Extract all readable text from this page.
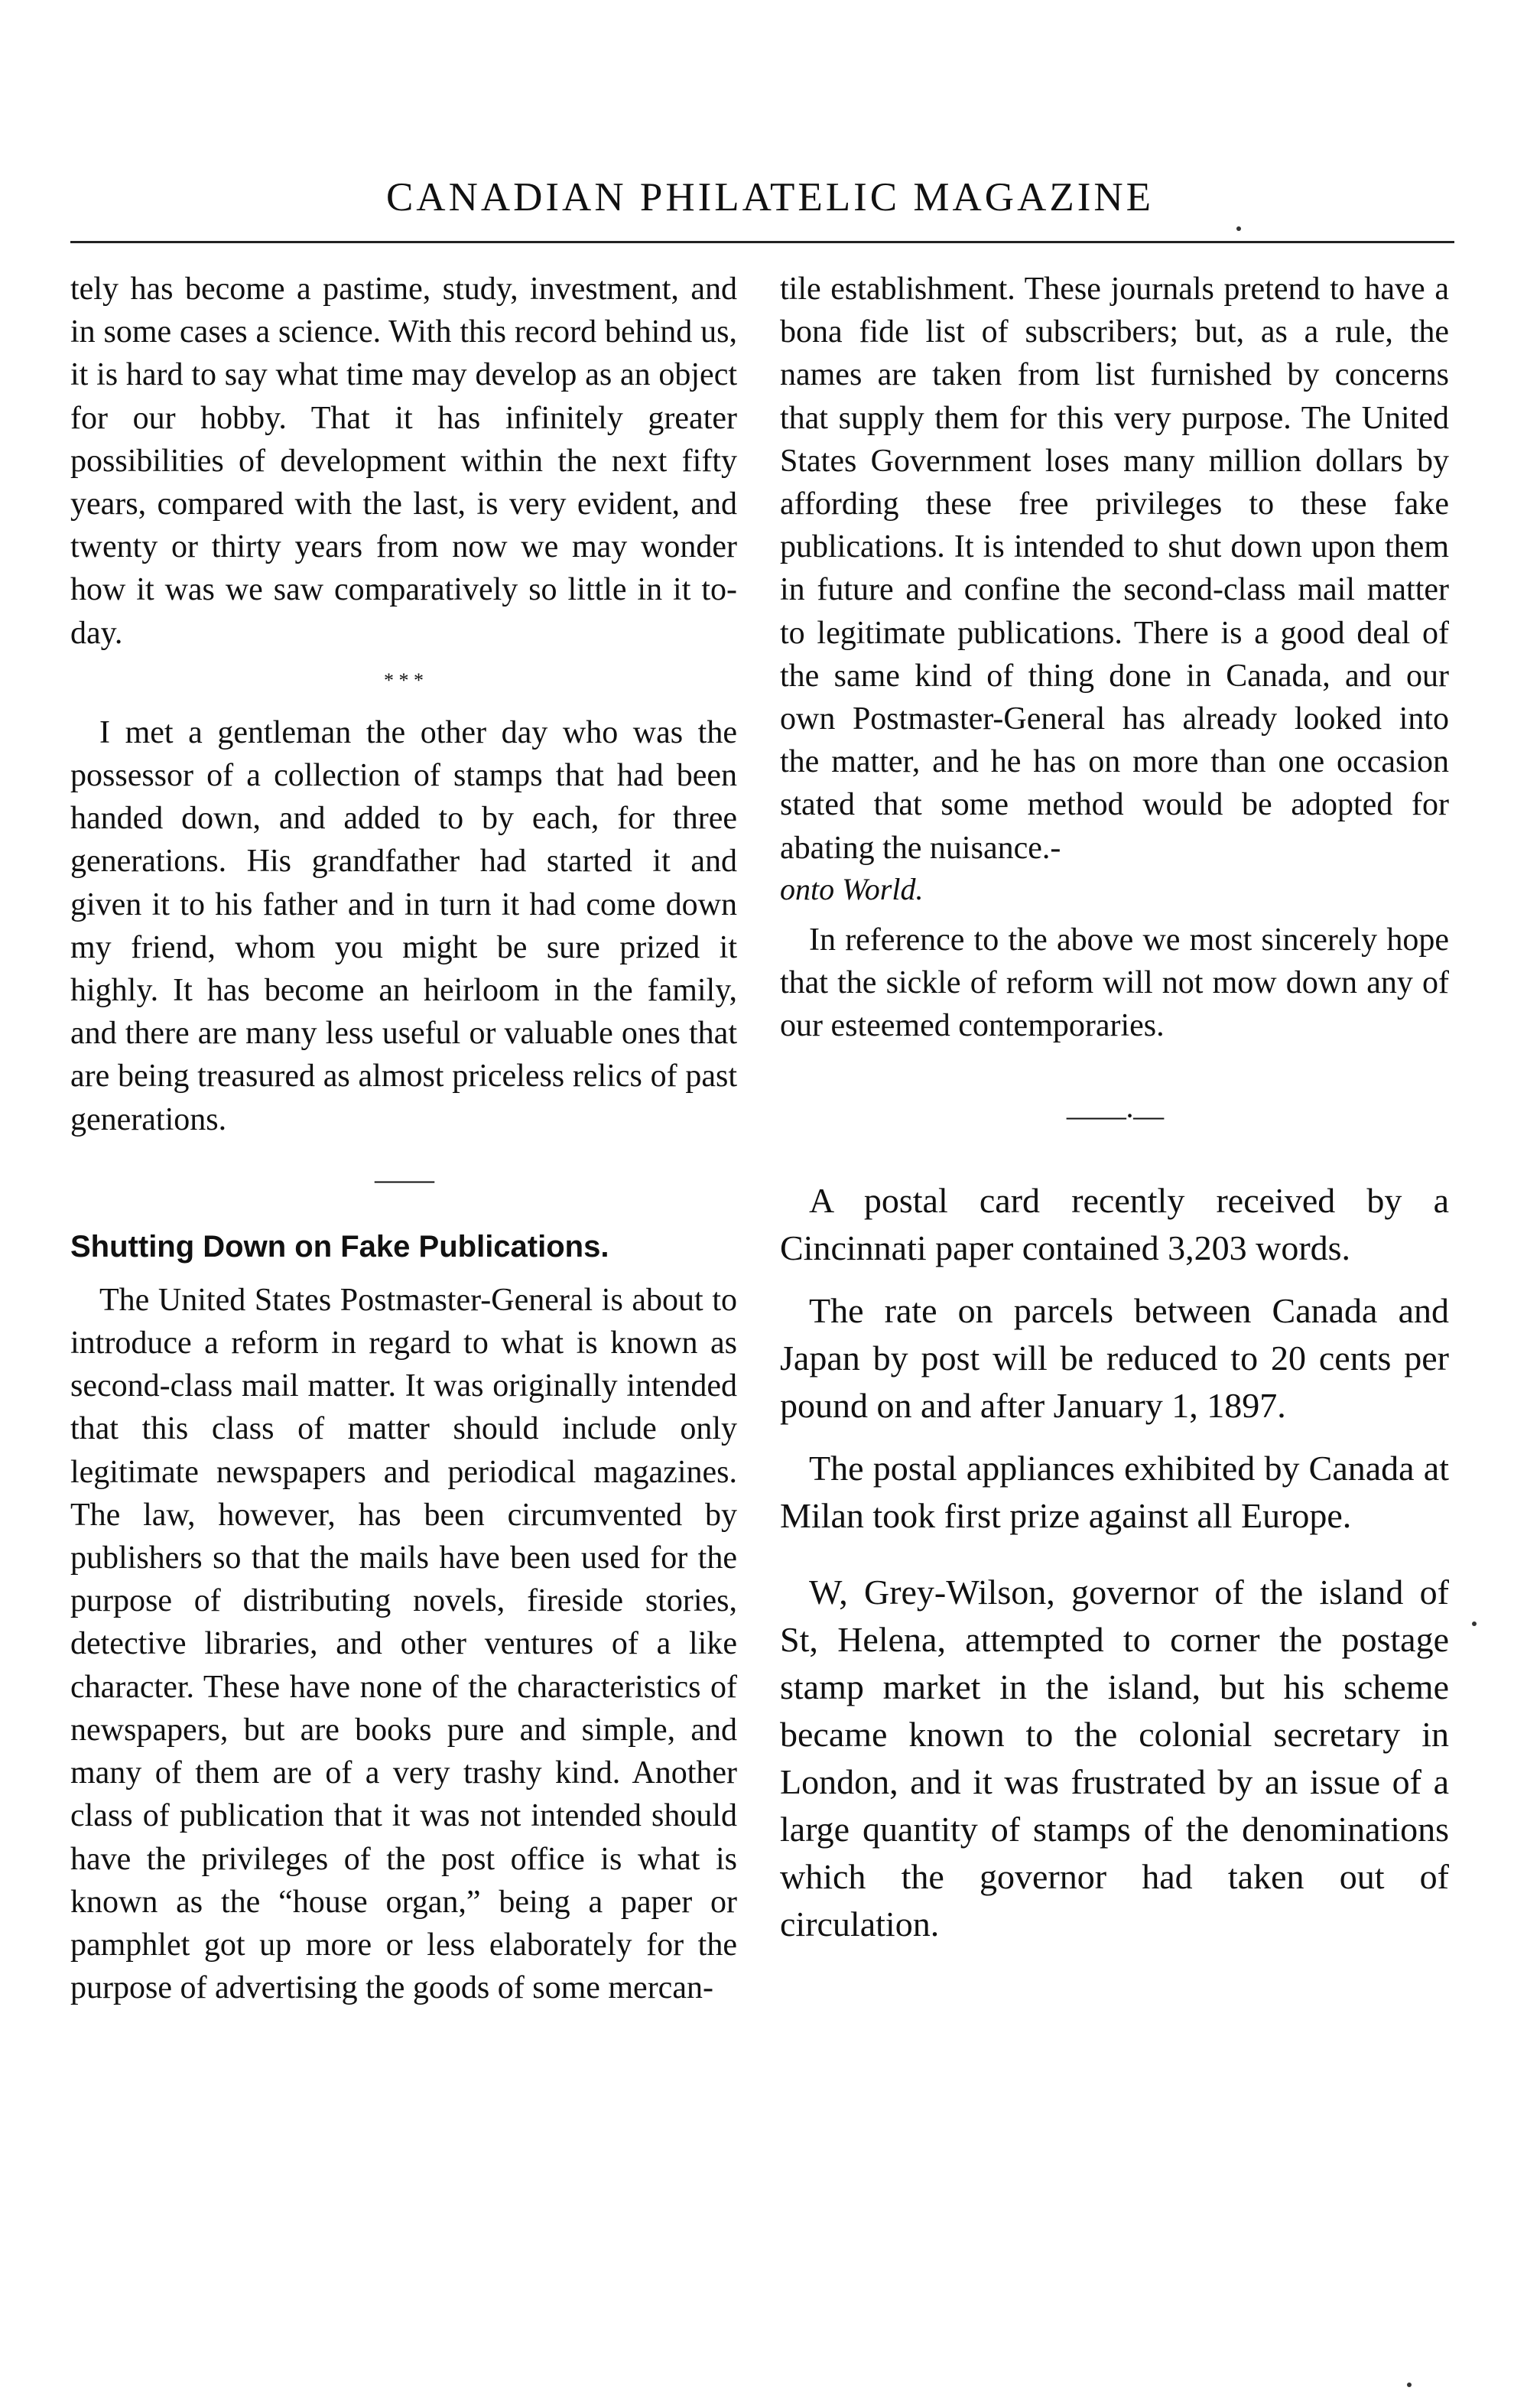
CANADIAN PHILATELIC MAGAZINE

tely has become a pastime, study, investment, and in some cases a science. With this record behind us, it is hard to say what time may develop as an object for our hobby. That it has infinitely greater possibilities of development within the next fifty years, compared with the last, is very evident, and twenty or thirty years from now we may wonder how it was we saw comparatively so little in it to-day.

* * *

I met a gentleman the other day who was the possessor of a collection of stamps that had been handed down, and added to by each, for three generations. His grandfather had started it and given it to his father and in turn it had come down my friend, whom you might be sure prized it highly. It has become an heirloom in the family, and there are many less useful or valuable ones that are being treasured as almost priceless relics of past generations.

——
Shutting Down on Fake Publications.

The United States Postmaster-General is about to introduce a reform in regard to what is known as second-class mail matter. It was originally intended that this class of matter should include only legitimate newspapers and periodical magazines. The law, however, has been circumvented by publishers so that the mails have been used for the purpose of distributing novels, fireside stories, detective libraries, and other ventures of a like character. These have none of the characteristics of newspapers, but are books pure and simple, and many of them are of a very trashy kind. Another class of publication that it was not intended should have the privileges of the post office is what is known as the “house organ,” being a paper or pamphlet got up more or less elaborately for the purpose of advertising the goods of some mercan-

tile establishment. These journals pretend to have a bona fide list of subscribers; but, as a rule, the names are taken from list furnished by concerns that supply them for this very purpose. The United States Government loses many million dollars by affording these free privileges to these fake publications. It is intended to shut down upon them in future and confine the second-class mail matter to legitimate publications. There is a good deal of the same kind of thing done in Canada, and our own Postmaster-General has already looked into the matter, and he has on more than one occasion stated that some method would be adopted for abating the nuisance.-

onto World.

In reference to the above we most sincerely hope that the sickle of reform will not mow down any of our esteemed contemporaries.

——·—

A postal card recently received by a Cincinnati paper contained 3,203 words.

The rate on parcels between Canada and Japan by post will be reduced to 20 cents per pound on and after January 1, 1897.

The postal appliances exhibited by Canada at Milan took first prize against all Europe.

W, Grey-Wilson, governor of the island of St, Helena, attempted to corner the postage stamp market in the island, but his scheme became known to the colonial secretary in London, and it was frustrated by an issue of a large quantity of stamps of the denominations which the governor had taken out of circulation.
